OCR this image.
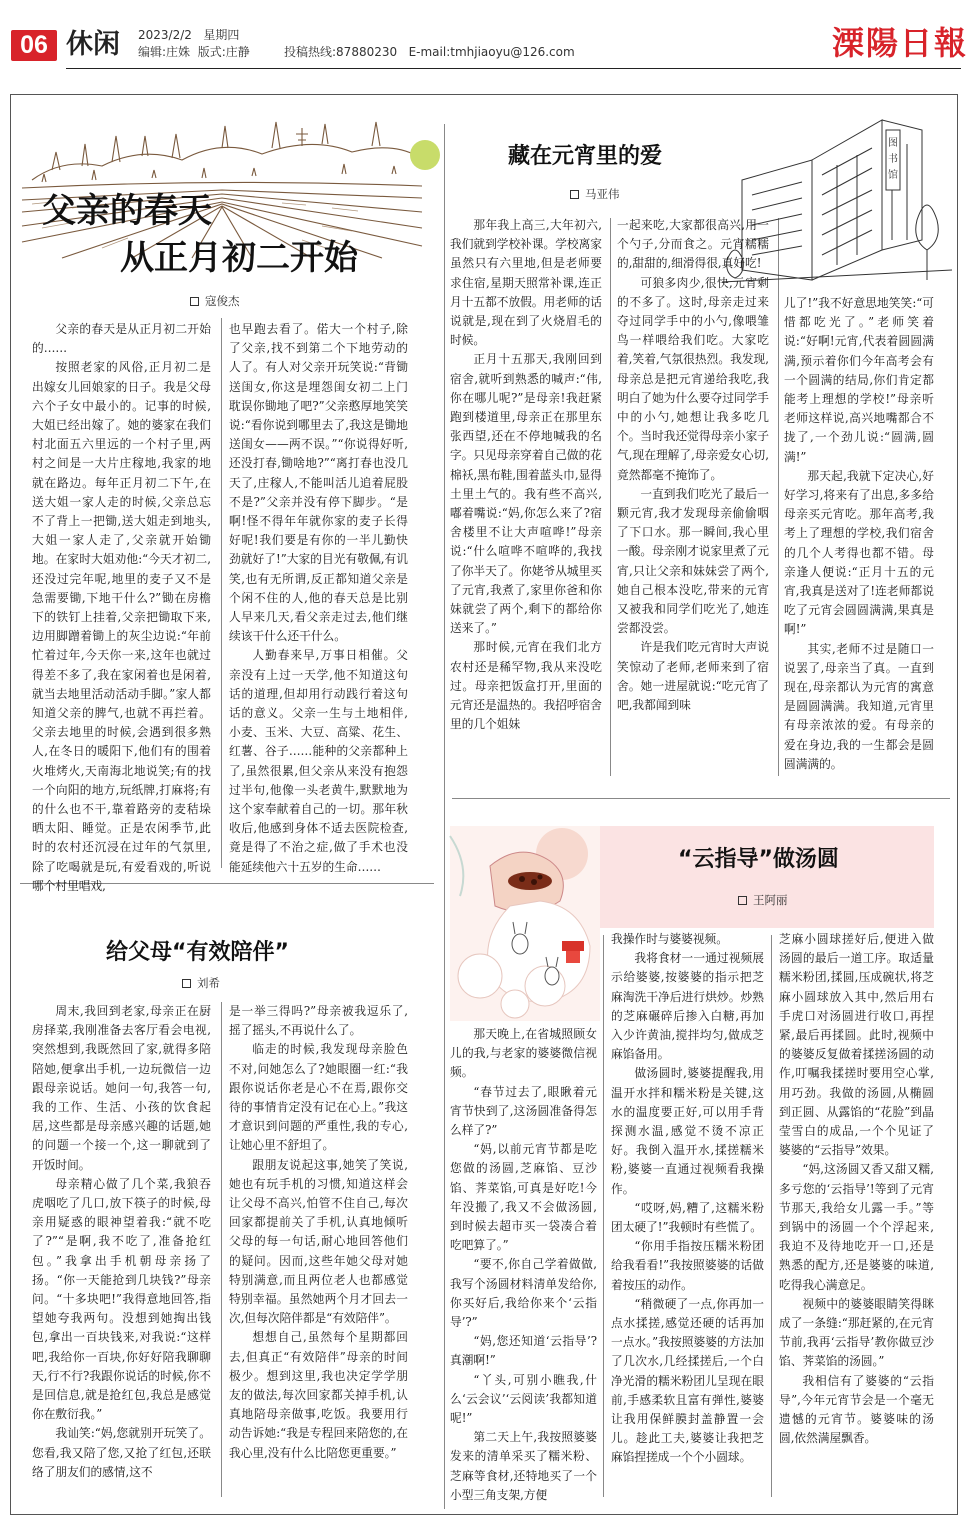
06 休闲 2023/2/2 星期四
编辑:庄姝 版式:庄静	投稿热线:87880230 E-mail:tmhjiaoyu@126.com	溧陽日報
父亲的春天
从正月初二开始
寇俊杰

父亲的春天是从正月初二开始的……

按照老家的风俗,正月初二是出嫁女儿回娘家的日子。我是父母六个子女中最小的。记事的时候,大姐已经出嫁了。她的婆家在我们村北面五六里远的一个村子里,两村之间是一大片庄稼地,我家的地就在路边。每年正月初二下午,在送大姐一家人走的时候,父亲总忘不了背上一把锄,送大姐走到地头,大姐一家人走了,父亲就开始锄地。在家时大姐劝他:“今天才初二,还没过完年呢,地里的麦子又不是急需要锄,下地干什么?”锄在房檐下的铁钉上挂着,父亲把锄取下来,边用脚蹭着锄上的灰尘边说:“年前忙着过年,今天你一来,这年也就过得差不多了,我在家闲着也是闲着,就当去地里活动活动手脚。”家人都知道父亲的脾气,也就不再拦着。父亲去地里的时候,会遇到很多熟人,在冬日的暖阳下,他们有的围着火堆烤火,天南海北地说笑;有的找一个向阳的地方,玩纸牌,打麻将;有的什么也不干,靠着路旁的麦秸垛晒太阳、睡觉。正是农闲季节,此时的农村还沉浸在过年的气氛里,除了吃喝就是玩,有爱看戏的,听说哪个村里唱戏,

也早跑去看了。偌大一个村子,除了父亲,找不到第二个下地劳动的人了。有人对父亲开玩笑说:“背锄送闺女,你这是埋怨闺女初二上门耽误你锄地了吧?”父亲憨厚地笑笑说:“看你说到哪里去了,我这是锄地送闺女——两不误。”“你说得好听,还没打春,锄啥地?”“离打春也没几天了,庄稼人,不能叫活儿追着屁股不是?”父亲并没有停下脚步。“是啊!怪不得年年就你家的麦子长得好呢!我们要是有你的一半儿勤快劲就好了!”大家的目光有敬佩,有讥笑,也有无所谓,反正都知道父亲是个闲不住的人,他的春天总是比别人早来几天,看父亲走过去,他们继续该干什么还干什么。

人勤春来早,万事日相催。父亲没有上过一天学,他不知道这句话的道理,但却用行动践行着这句话的意义。父亲一生与土地相伴,小麦、玉米、大豆、高粱、花生、红薯、谷子……能种的父亲都种上了,虽然很累,但父亲从来没有抱怨过半句,他像一头老黄牛,默默地为这个家奉献着自己的一切。那年秋收后,他感到身体不适去医院检查,竟是得了不治之症,做了手术也没能延续他六十五岁的生命……

藏在元宵里的爱
马亚伟
图
书
馆

那年我上高三,大年初六,我们就到学校补课。学校离家虽然只有六里地,但是老师要求住宿,星期天照常补课,连正月十五都不放假。用老师的话说就是,现在到了火烧眉毛的时候。

正月十五那天,我刚回到宿舍,就听到熟悉的喊声:“伟,你在哪儿呢?”是母亲!我赶紧跑到楼道里,母亲正在那里东张西望,还在不停地喊我的名字。只见母亲穿着自己做的花棉袄,黑布鞋,围着蓝头巾,显得土里土气的。我有些不高兴,嘟着嘴说:“妈,你怎么来了?宿舍楼里不让大声喧哗!”母亲说:“什么喧哗不喧哗的,我找了你半天了。你姥爷从城里买了元宵,我煮了,家里你爸和你妹就尝了两个,剩下的都给你送来了。”

那时候,元宵在我们北方农村还是稀罕物,我从来没吃过。母亲把饭盒打开,里面的元宵还是温热的。我招呼宿舍里的几个姐妹

一起来吃,大家都很高兴,用一个勺子,分而食之。元宵糯糯的,甜甜的,细滑得很,真好吃!

可狼多肉少,很快,元宵剩的不多了。这时,母亲走过来夺过同学手中的小勺,像喂雏鸟一样喂给我们吃。大家吃着,笑着,气氛很热烈。我发现,母亲总是把元宵递给我吃,我明白了她为什么要夺过同学手中的小勺,她想让我多吃几个。当时我还觉得母亲小家子气,现在理解了,母亲爱女心切,竟然都毫不掩饰了。

一直到我们吃光了最后一颗元宵,我才发现母亲偷偷咽了下口水。那一瞬间,我心里一酸。母亲刚才说家里煮了元宵,只让父亲和妹妹尝了两个,她自己根本没吃,带来的元宵又被我和同学们吃光了,她连尝都没尝。

许是我们吃元宵时大声说笑惊动了老师,老师来到了宿舍。她一进屋就说:“吃元宵了吧,我都闻到味

儿了!”我不好意思地笑笑:“可惜都吃光了。”老师笑着说:“好啊!元宵,代表着圆圆满满,预示着你们今年高考会有一个圆满的结局,你们肯定都能考上理想的学校!”母亲听老师这样说,高兴地嘴都合不拢了,一个劲儿说:“圆满,圆满!”

那天起,我就下定决心,好好学习,将来有了出息,多多给母亲买元宵吃。那年高考,我考上了理想的学校,我们宿舍的几个人考得也都不错。母亲逢人便说:“正月十五的元宵,我真是送对了!连老师都说吃了元宵会圆圆满满,果真是啊!”

其实,老师不过是随口一说罢了,母亲当了真。一直到现在,母亲都认为元宵的寓意是圆圆满满。我知道,元宵里有母亲浓浓的爱。有母亲的爱在身边,我的一生都会是圆圆满满的。

给父母“有效陪伴”
刘希

周末,我回到老家,母亲正在厨房择菜,我刚准备去客厅看会电视,突然想到,我既然回了家,就得多陪陪她,便拿出手机,一边玩微信一边跟母亲说话。她问一句,我答一句,我的工作、生活、小孩的饮食起居,这些都是母亲感兴趣的话题,她的问题一个接一个,这一聊就到了开饭时间。

母亲精心做了几个菜,我狼吞虎咽吃了几口,放下筷子的时候,母亲用疑惑的眼神望着我:“就不吃了?”“是啊,我不吃了,准备抢红包。”我拿出手机朝母亲扬了扬。“你一天能抢到几块钱?”母亲问。“十多块吧!”我得意地回答,指望她夸我两句。没想到她掏出钱包,拿出一百块钱来,对我说:“这样吧,我给你一百块,你好好陪我聊聊天,行不行?我跟你说话的时候,你不是回信息,就是抢红包,我总是感觉你在敷衍我。”

我讪笑:“妈,您就别开玩笑了。您看,我又陪了您,又抢了红包,还联络了朋友们的感情,这不

是一举三得吗?”母亲被我逗乐了,摇了摇头,不再说什么了。

临走的时候,我发现母亲脸色不对,问她怎么了?她眼圈一红:“我跟你说话你老是心不在焉,跟你交待的事情肯定没有记在心上。”我这才意识到问题的严重性,我的专心,让她心里不舒坦了。

跟朋友说起这事,她笑了笑说,她也有玩手机的习惯,知道这样会让父母不高兴,怕管不住自己,每次回家都提前关了手机,认真地倾听父母的每一句话,耐心地回答他们的疑问。因而,这些年她父母对她特别满意,而且两位老人也都感觉特别幸福。虽然她两个月才回去一次,但每次陪伴都是“有效陪伴”。

想想自己,虽然每个星期都回去,但真正“有效陪伴”母亲的时间极少。想到这里,我也决定学学朋友的做法,每次回家都关掉手机,认真地陪母亲做事,吃饭。我要用行动告诉她:“我是专程回来陪您的,在我心里,没有什么比陪您更重要。”

“云指导”做汤圆
王阿丽

那天晚上,在省城照顾女儿的我,与老家的婆婆微信视频。

“春节过去了,眼瞅着元宵节快到了,这汤圆准备得怎么样了?”

“妈,以前元宵节都是吃您做的汤圆,芝麻馅、豆沙馅、荠菜馅,可真是好吃!今年没搬了,我又不会做汤圆,到时候去超市买一袋凑合着吃吧算了。”

“要不,你自己学着做做,我写个汤圆材料清单发给你,你买好后,我给你来个‘云指导’?”

“妈,您还知道‘云指导’?真潮啊!”

“丫头,可别小瞧我,什么‘云会议’‘云阅读’我都知道呢!”

第二天上午,我按照婆婆发来的清单采买了糯米粉、芝麻等食材,还特地买了一个小型三角支架,方便

我操作时与婆婆视频。

我将食材一一通过视频展示给婆婆,按婆婆的指示把芝麻淘洗干净后进行烘炒。炒熟的芝麻碾碎后掺入白糖,再加入少许黄油,搅拌均匀,做成芝麻馅备用。

做汤圆时,婆婆提醒我,用温开水拌和糯米粉是关键,这水的温度要正好,可以用手背探测水温,感觉不烫不凉正好。我倒入温开水,揉搓糯米粉,婆婆一直通过视频看我操作。

“哎呀,妈,糟了,这糯米粉团太硬了!”我顿时有些慌了。

“你用手指按压糯米粉团给我看看!”我按照婆婆的话做着按压的动作。

“稍微硬了一点,你再加一点水揉搓,感觉还硬的话再加一点水。”我按照婆婆的方法加了几次水,几经揉搓后,一个白净光滑的糯米粉团儿呈现在眼前,手感柔软且富有弹性,婆婆让我用保鲜膜封盖静置一会儿。趁此工夫,婆婆让我把芝麻馅捏搓成一个个小圆球。

芝麻小圆球搓好后,便进入做汤圆的最后一道工序。取适量糯米粉团,揉圆,压成碗状,将芝麻小圆球放入其中,然后用右手虎口对汤圆进行收口,再捏紧,最后再揉圆。此时,视频中的婆婆反复做着揉搓汤圆的动作,叮嘱我揉搓时要用空心掌,用巧劲。我做的汤圆,从椭圆到正圆、从露馅的“花脸”到晶莹雪白的成品,一个个见证了婆婆的“云指导”效果。

“妈,这汤圆又香又甜又糯,多亏您的‘云指导’!等到了元宵节那天,我给女儿露一手。”等到锅中的汤圆一个个浮起来,我迫不及待地吃开一口,还是熟悉的配方,还是婆婆的味道,吃得我心满意足。

视频中的婆婆眼睛笑得眯成了一条缝:“那赶紧的,在元宵节前,我再‘云指导’教你做豆沙馅、荠菜馅的汤圆。”

我相信有了婆婆的“云指导”,今年元宵节会是一个毫无遗憾的元宵节。婆婆味的汤圆,依然满屋飘香。
